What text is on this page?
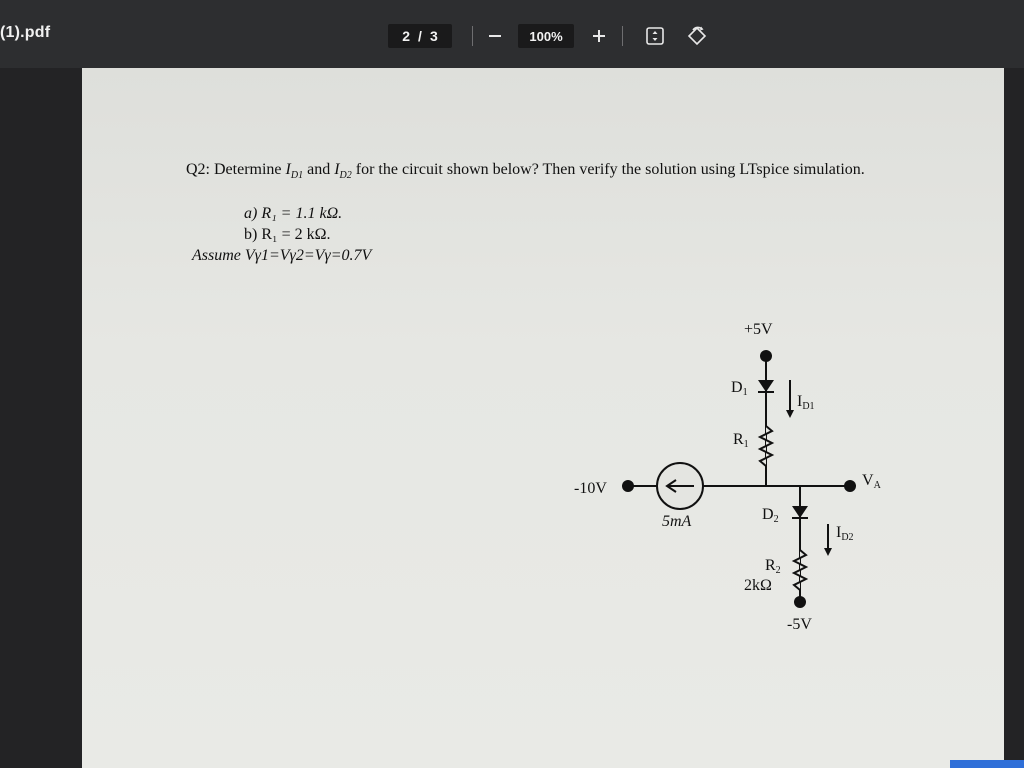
(1).pdf	2 / 3	100%
Q2: Determine $I_{D1}$ and $I_{D2}$ for the circuit shown below? Then verify the solution using LTspice simulation.
a) R₁ = 1.1 kΩ.
b) R₁ = 2 kΩ.
Assume Vγ1=Vγ2=Vγ=0.7V
+5V
D1
ID1
R1
-10V
5mA
VA
D2
ID2
R2
2kΩ
-5V
